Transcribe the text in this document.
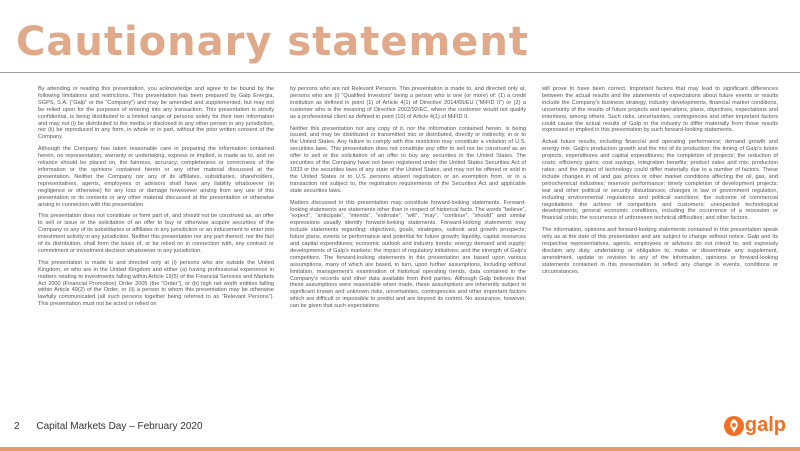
Cautionary statement

By attending or reading this presentation, you acknowledge and agree to be bound by the following limitations and restrictions. This presentation has been prepared by Galp Energia, SGPS, S.A. (“Galp” or the “Company”) and may be amended and supplemented, but may not be relied upon for the purposes of entering into any transaction. This presentation is strictly confidential, is being distributed to a limited range of persons solely for their own information and may not (i) be distributed to the media or disclosed to any other person in any jurisdiction, nor (ii) be reproduced in any form, in whole or in part, without the prior written consent of the Company.

Although the Company has taken reasonable care in preparing the information contained herein, no representation, warranty or undertaking, express or implied, is made as to, and no reliance should be placed on, the fairness, accuracy, completeness or correctness of the information or the opinions contained herein or any other material discussed at the presentation. Neither the Company nor any of its affiliates, subsidiaries, shareholders, representatives, agents, employees or advisors shall have any liability whatsoever (in negligence or otherwise) for any loss or damage howsoever arising from any use of this presentation or its contents or any other material discussed at the presentation or otherwise arising in connection with this presentation.

This presentation does not constitute or form part of, and should not be construed as, an offer to sell or issue or the solicitation of an offer to buy or otherwise acquire securities of the Company or any of its subsidiaries or affiliates in any jurisdiction or an inducement to enter into investment activity in any jurisdiction. Neither this presentation nor any part thereof, nor the fact of its distribution, shall form the basis of, or be relied on in connection with, any contract or commitment or investment decision whatsoever in any jurisdiction.

This presentation is made to and directed only at (i) persons who are outside the United Kingdom, or who are in the United Kingdom and either (a) having professional experience in matters relating to investments falling within Article 19(5) of the Financial Services and Markets Act 2000 (Financial Promotion) Order 2005 (the “Order”), or (b) high net worth entities falling within Article 49(2) of the Order, or (ii) a person to whom this presentation may be otherwise lawfully communicated (all such persons together being referred to as “Relevant Persons”). This presentation must not be acted or relied on

by persons who are not Relevant Persons. This presentation is made to, and directed only at, persons who are (i) “Qualified Investors” being a person who is one (or more) of: (1) a credit institution as defined in point (1) of Article 4(1) of Directive 2014/65/EU (“MiFID II”) or (2) a customer who is the meaning of Directive 2002/92/EC, where the customer would not qualify as a professional client as defined in point (10) of Article 4(1) of MiFID II.

Neither this presentation nor any copy of it, nor the information contained herein, is being issued, and may be distributed or transmitted into or distributed, directly or indirectly, in or to the United States. Any failure to comply with this restriction may constitute a violation of U.S. securities laws. This presentation does not constitute any offer to sell nor be construed as an offer to sell or the solicitation of an offer to buy any securities in the United States. The securities of the Company have not been registered under the United States Securities Act of 1933 or the securities laws of any state of the United States, and may not be offered or sold in the United States or to U.S. persons absent registration or an exemption from, or in a transaction not subject to, the registration requirements of the Securities Act and applicable state securities laws.

Matters discussed in this presentation may constitute forward-looking statements. Forward-looking statements are statements other than in respect of historical facts. The words “believe”, “expect”, “anticipate”, “intends”, “estimate”, “will”, “may”, “continue”, “should” and similar expressions usually identify forward-looking statements. Forward-looking statements may include statements regarding: objectives, goals, strategies, outlook and growth prospects; future plans, events or performance and potential for future growth; liquidity, capital resources and capital expenditures; economic outlook and industry trends; energy demand and supply; developments of Galp’s markets; the impact of regulatory initiatives; and the strength of Galp’s competitors. The forward-looking statements in this presentation are based upon various assumptions, many of which are based, in turn, upon further assumptions, including without limitation, management’s examination of historical operating trends, data contained in the Company’s records and other data available from third parties. Although Galp believes that these assumptions were reasonable when made, these assumptions are inherently subject to significant known and unknown risks, uncertainties, contingencies and other important factors which are difficult or impossible to predict and are beyond its control. No assurance, however, can be given that such expectations

will prove to have been correct. Important factors that may lead to significant differences between the actual results and the statements of expectations about future events or results include the Company’s business strategy, industry developments, financial market conditions, uncertainty of the results of future projects and operations, plans, objectives, expectations and intentions, among others. Such risks, uncertainties, contingencies and other important factors could cause the actual results of Galp or the industry to differ materially from those results expressed or implied in this presentation by such forward-looking statements.

Actual future results, including financial and operating performance; demand growth and energy mix; Galp’s production growth and the mix of its production; the timing of Galp’s future projects, expenditures and capital expenditures; the completion of projects; the reduction of costs; efficiency gains; cost savings, integration benefits; product sales and mix; production rates; and the impact of technology could differ materially due to a number of factors. These include changes in oil and gas prices or other market conditions affecting the oil, gas, and petrochemical industries; reservoir performance; timely completion of development projects; war and other political or security disturbances; changes in law or government regulation, including environmental regulations and political sanctions; the outcome of commercial negotiations; the actions of competitors and customers; unexpected technological developments; general economic conditions, including the occurrence of a recession or financial crisis; the occurrence of unforeseen technical difficulties; and other factors.

The information, opinions and forward-looking statements contained in this presentation speak only as at the date of this presentation and are subject to change without notice. Galp and its respective representatives, agents, employees or advisors do not intend to, and expressly disclaim any duty, undertaking or obligation to, make or disseminate any supplement, amendment, update or revision to any of the information, opinions or forward-looking statements contained in this presentation to reflect any change in events, conditions or circumstances.

2 Capital Markets Day – February 2020	galp
